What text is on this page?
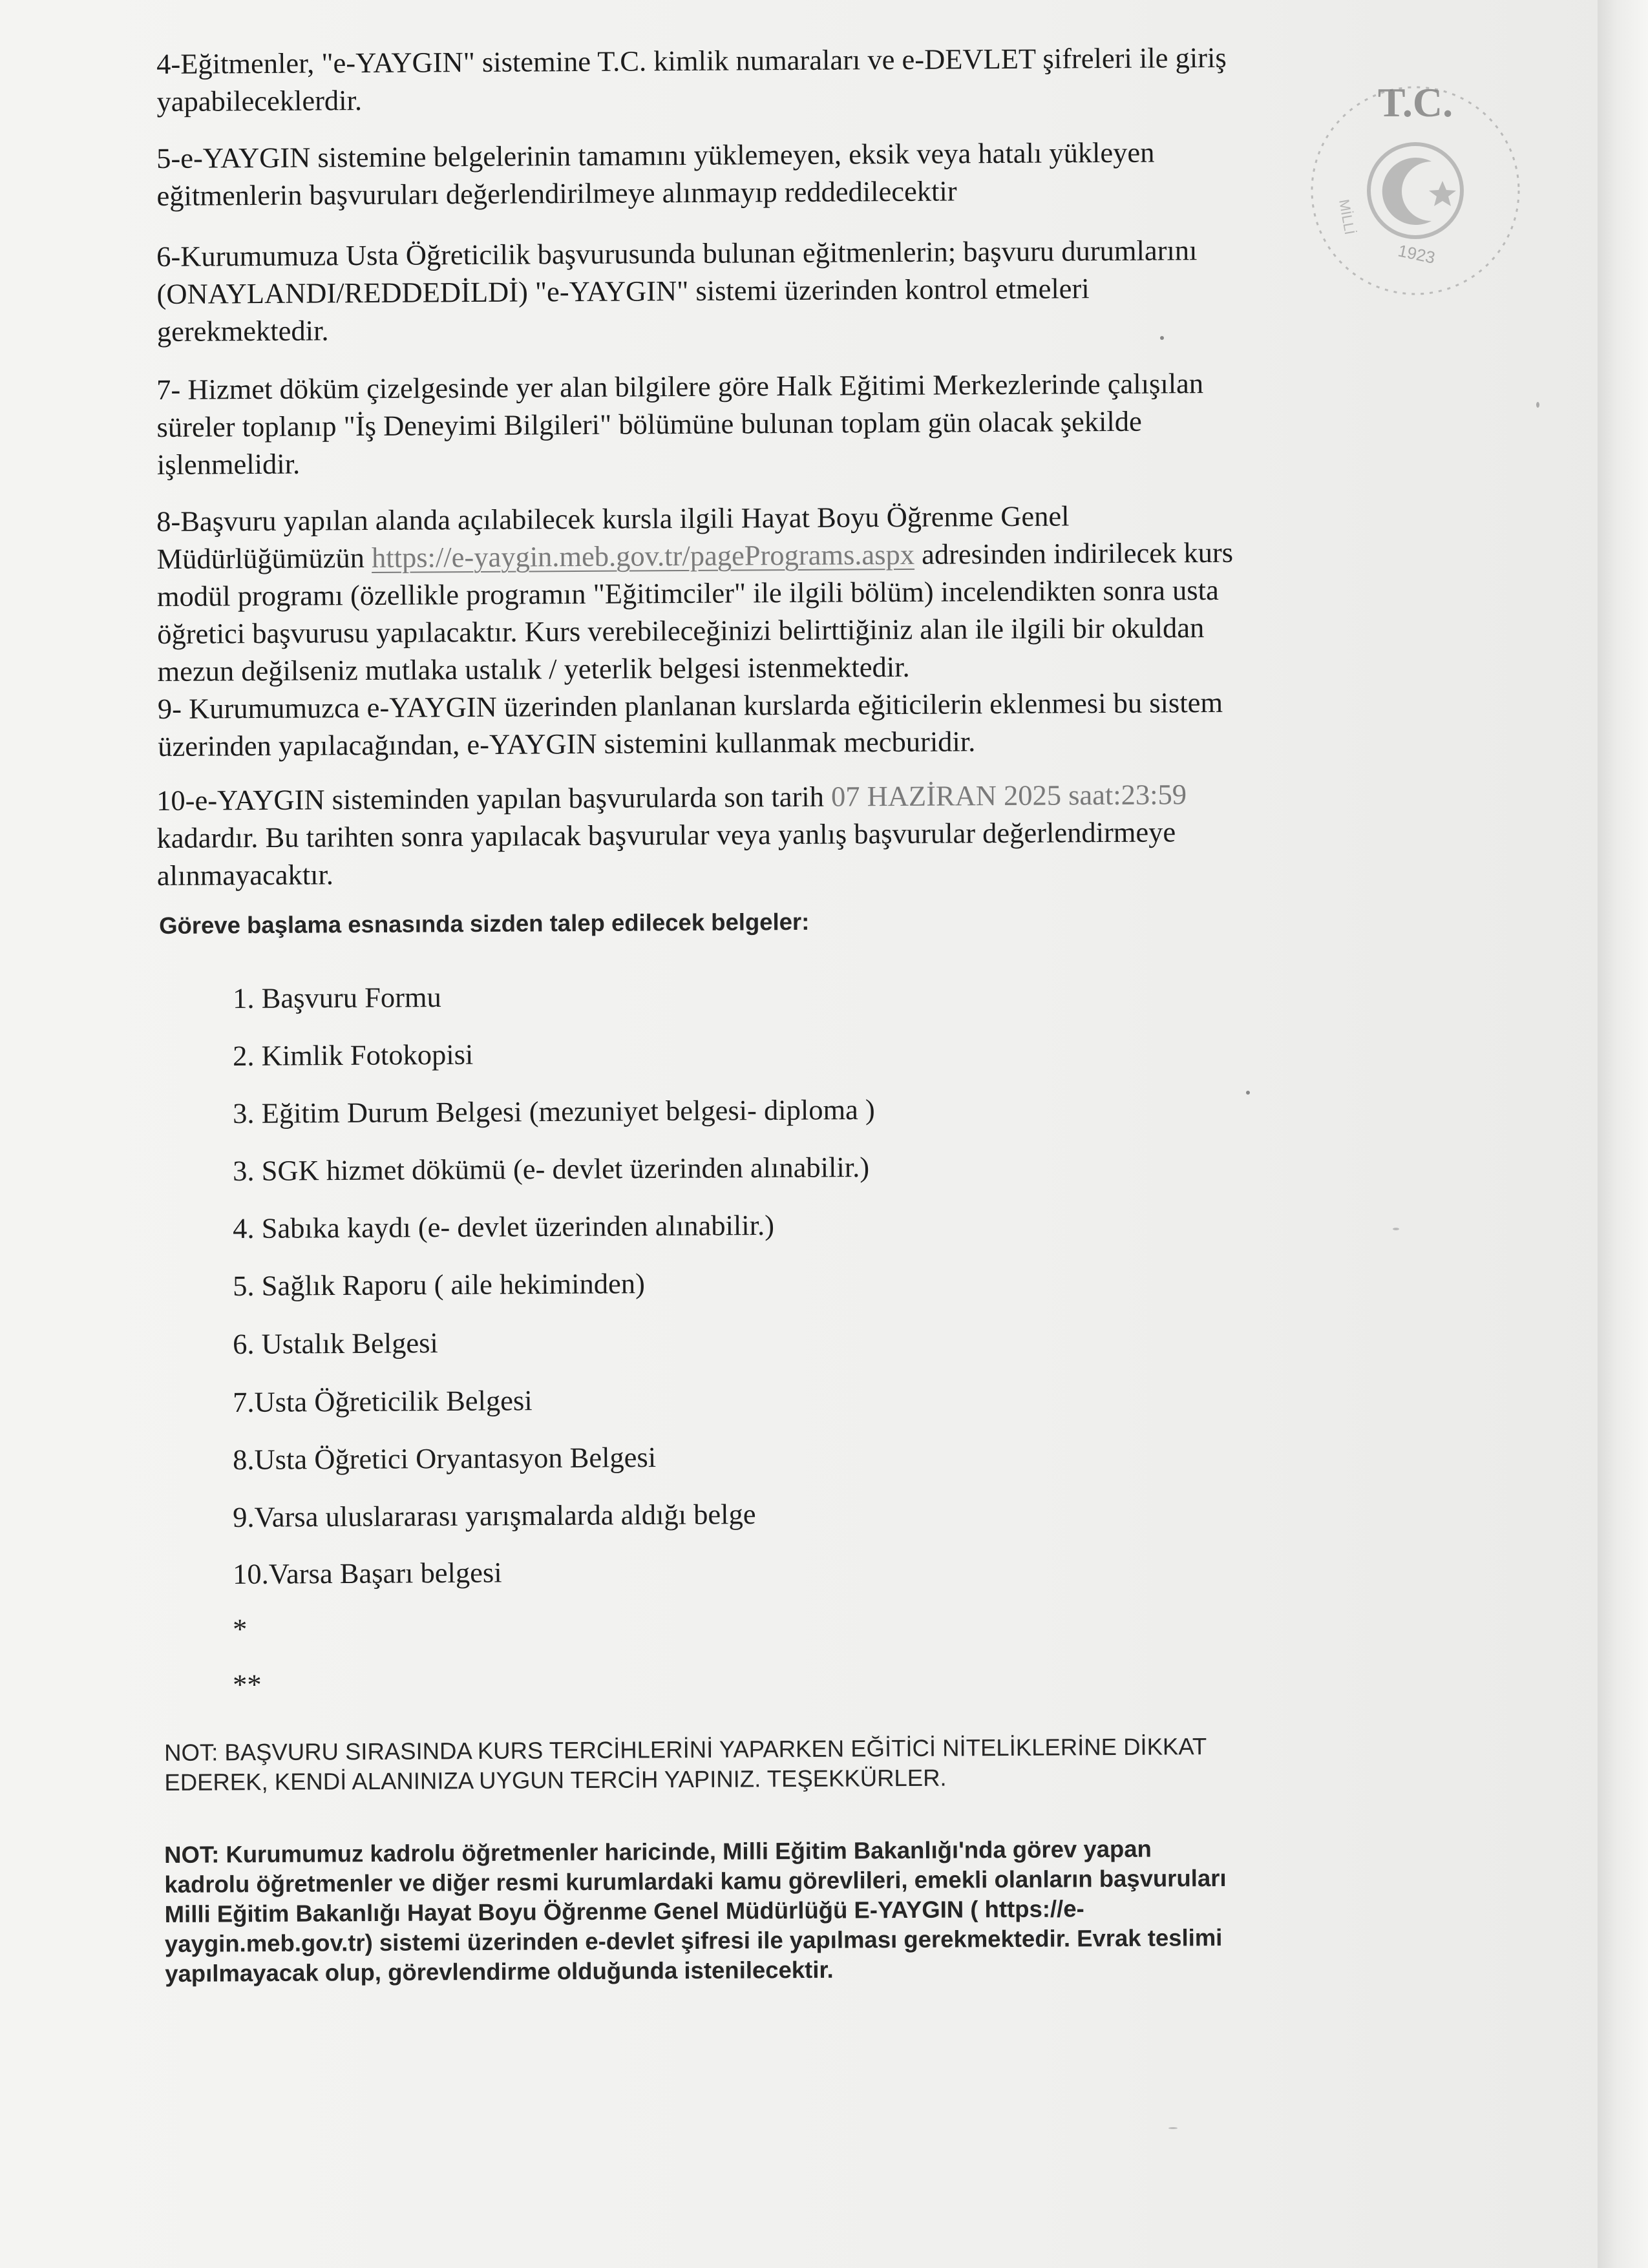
4-Eğitmenler, "e-YAYGIN" sistemine T.C. kimlik numaraları ve e-DEVLET şifreleri ile giriş
yapabileceklerdir.
5-e-YAYGIN sistemine belgelerinin tamamını yüklemeyen, eksik veya hatalı yükleyen
eğitmenlerin başvuruları değerlendirilmeye alınmayıp reddedilecektir
6-Kurumumuza Usta Öğreticilik başvurusunda bulunan eğitmenlerin; başvuru durumlarını
(ONAYLANDI/REDDEDİLDİ) "e-YAYGIN" sistemi üzerinden kontrol etmeleri
gerekmektedir.
7- Hizmet döküm çizelgesinde yer alan bilgilere göre Halk Eğitimi Merkezlerinde çalışılan
süreler toplanıp "İş Deneyimi Bilgileri" bölümüne bulunan toplam gün olacak şekilde
işlenmelidir.
8-Başvuru yapılan alanda açılabilecek kursla ilgili Hayat Boyu Öğrenme Genel
Müdürlüğümüzün https://e-yaygin.meb.gov.tr/pagePrograms.aspx adresinden indirilecek kurs
modül programı (özellikle programın "Eğitimciler" ile ilgili bölüm) incelendikten sonra usta
öğretici başvurusu yapılacaktır. Kurs verebileceğinizi belirttiğiniz alan ile ilgili bir okuldan
mezun değilseniz mutlaka ustalık / yeterlik belgesi istenmektedir.
9- Kurumumuzca e-YAYGIN üzerinden planlanan kurslarda eğiticilerin eklenmesi bu sistem
üzerinden yapılacağından, e-YAYGIN sistemini kullanmak mecburidir.
10-e-YAYGIN sisteminden yapılan başvurularda son tarih 07 HAZİRAN 2025 saat:23:59
kadardır. Bu tarihten sonra yapılacak başvurular veya yanlış başvurular değerlendirmeye
alınmayacaktır.
Göreve başlama esnasında sizden talep edilecek belgeler:
1. Başvuru Formu
2. Kimlik Fotokopisi
3. Eğitim Durum Belgesi (mezuniyet belgesi- diploma )
3. SGK hizmet dökümü (e- devlet üzerinden alınabilir.)
4. Sabıka kaydı (e- devlet üzerinden alınabilir.)
5. Sağlık Raporu ( aile hekiminden)
6. Ustalık Belgesi
7.Usta Öğreticilik Belgesi
8.Usta Öğretici Oryantasyon Belgesi
9.Varsa uluslararası yarışmalarda aldığı belge
10.Varsa Başarı belgesi
*
**
NOT: BAŞVURU SIRASINDA KURS TERCİHLERİNİ YAPARKEN EĞİTİCİ NİTELİKLERİNE DİKKAT
EDEREK, KENDİ ALANINIZA UYGUN TERCİH YAPINIZ. TEŞEKKÜRLER.
NOT: Kurumumuz kadrolu öğretmenler haricinde, Milli Eğitim Bakanlığı'nda görev yapan
kadrolu öğretmenler ve diğer resmi kurumlardaki kamu görevlileri, emekli olanların başvuruları
Milli Eğitim Bakanlığı Hayat Boyu Öğrenme Genel Müdürlüğü E-YAYGIN ( https://e-
yaygin.meb.gov.tr) sistemi üzerinden e-devlet şifresi ile yapılması gerekmektedir. Evrak teslimi
yapılmayacak olup, görevlendirme olduğunda istenilecektir.
T.C.
MİLLİ
1923
